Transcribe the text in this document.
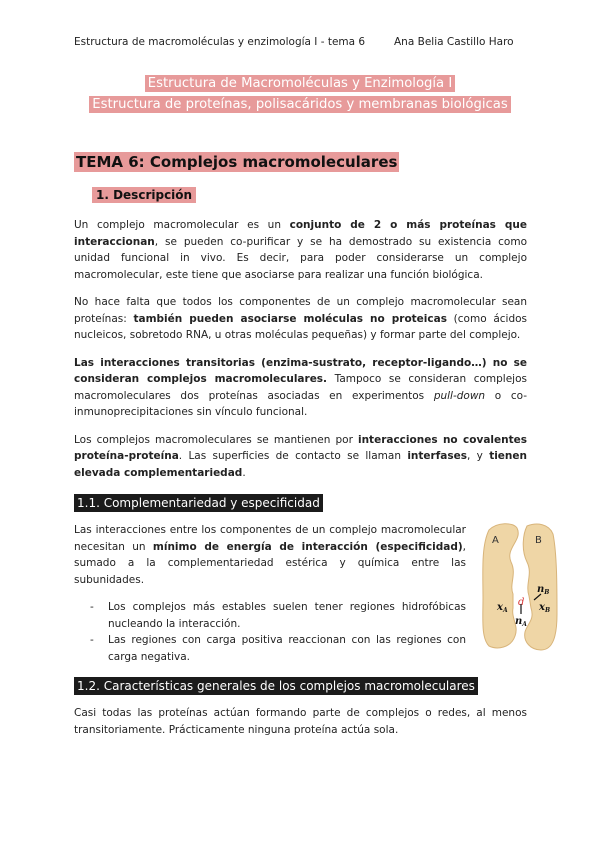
Estructura de macromoléculas y enzimología I - tema 6	Ana Belia Castillo Haro
Estructura de Macromoléculas y Enzimología I
Estructura de proteínas, polisacáridos y membranas biológicas
TEMA 6: Complejos macromoleculares
1. Descripción

Un complejo macromolecular es un conjunto de 2 o más proteínas que interaccionan, se pueden co-purificar y se ha demostrado su existencia como unidad funcional in vivo. Es decir, para poder considerarse un complejo macromolecular, este tiene que asociarse para realizar una función biológica.

No hace falta que todos los componentes de un complejo macromolecular sean proteínas: también pueden asociarse moléculas no proteicas (como ácidos nucleicos, sobretodo RNA, u otras moléculas pequeñas) y formar parte del complejo.

Las interacciones transitorias (enzima-sustrato, receptor-ligando…) no se consideran complejos macromoleculares. Tampoco se consideran complejos macromoleculares dos proteínas asociadas en experimentos pull-down o co-inmunoprecipitaciones sin vínculo funcional.

Los complejos macromoleculares se mantienen por interacciones no covalentes proteína-proteína. Las superficies de contacto se llaman interfases, y tienen elevada complementariedad.

1.1. Complementariedad y especificidad

Las interacciones entre los componentes de un complejo macromolecular necesitan un mínimo de energía de interacción (especificidad), sumado a la complementariedad estérica y química entre las subunidades.

- Los complejos más estables suelen tener regiones hidrofóbicas nucleando la interacción.
- Las regiones con carga positiva reaccionan con las regiones con carga negativa.
1.2. Características generales de los complejos macromoleculares

Casi todas las proteínas actúan formando parte de complejos o redes, al menos transitoriamente. Prácticamente ninguna proteína actúa sola.

A	B
d
$x_A$
$n_A$
$n_B$
$x_B$
